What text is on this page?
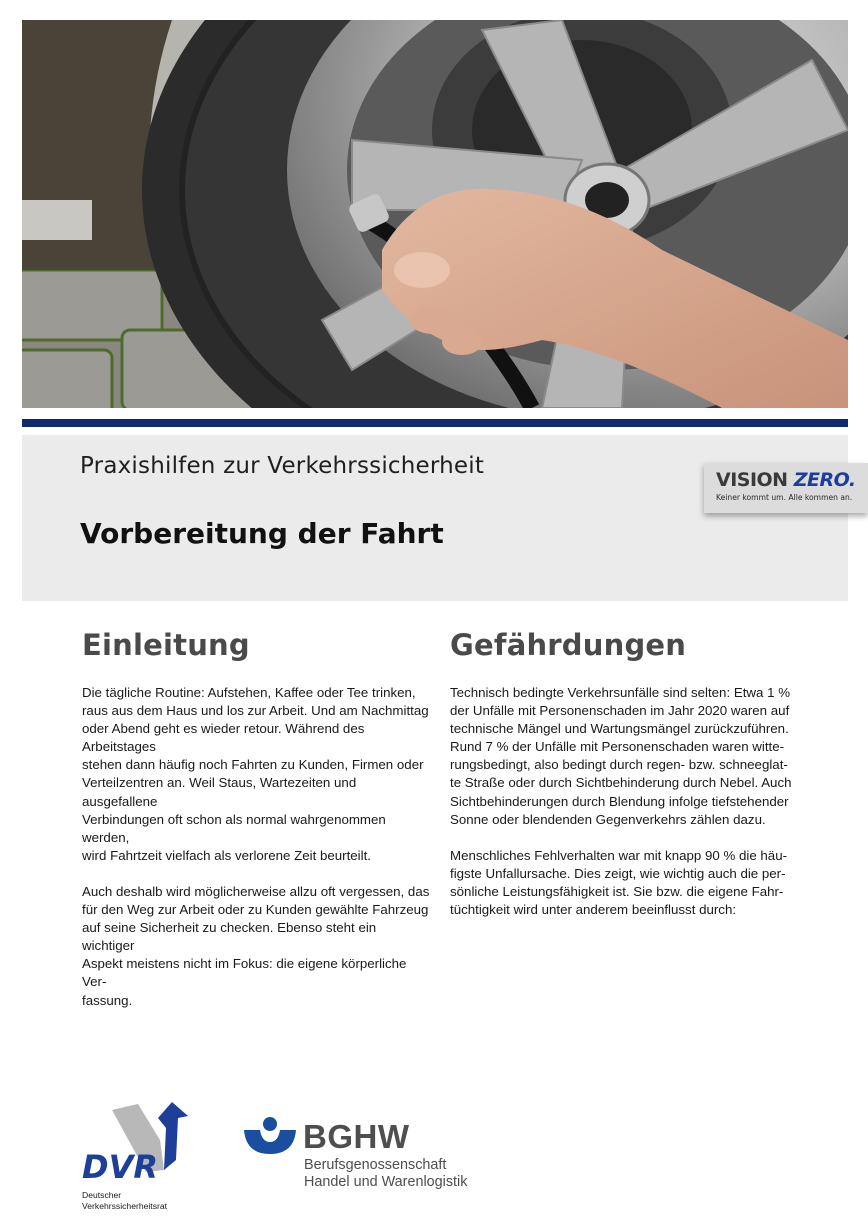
Praxishilfen zur Verkehrssicherheit
Vorbereitung der Fahrt
VISION ZERO.
Keiner kommt um. Alle kommen an.
Einleitung

Die tägliche Routine: Aufstehen, Kaffee oder Tee trinken,
raus aus dem Haus und los zur Arbeit. Und am Nachmittag
oder Abend geht es wieder retour. Während des Arbeitstages
stehen dann häufig noch Fahrten zu Kunden, Firmen oder
Verteilzentren an. Weil Staus, Wartezeiten und ausgefallene
Verbindungen oft schon als normal wahrgenommen werden,
wird Fahrtzeit vielfach als verlorene Zeit beurteilt.

Auch deshalb wird möglicherweise allzu oft vergessen, das
für den Weg zur Arbeit oder zu Kunden gewählte Fahrzeug
auf seine Sicherheit zu checken. Ebenso steht ein wichtiger
Aspekt meistens nicht im Fokus: die eigene körperliche Ver-
fassung.

Gefährdungen

Technisch bedingte Verkehrsunfälle sind selten: Etwa 1 %
der Unfälle mit Personenschaden im Jahr 2020 waren auf
technische Mängel und Wartungsmängel zurückzuführen.
Rund 7 % der Unfälle mit Personenschaden waren witte-
rungsbedingt, also bedingt durch regen- bzw. schneeglat-
te Straße oder durch Sichtbehinderung durch Nebel. Auch
Sichtbehinderungen durch Blendung infolge tiefstehender
Sonne oder blendenden Gegenverkehrs zählen dazu.

Menschliches Fehlverhalten war mit knapp 90 % die häu-
figste Unfallursache. Dies zeigt, wie wichtig auch die per-
sönliche Leistungsfähigkeit ist. Sie bzw. die eigene Fahr-
tüchtigkeit wird unter anderem beeinflusst durch:

DVR
Deutscher
Verkehrssicherheitsrat
BGHW
Berufsgenossenschaft
Handel und Warenlogistik
